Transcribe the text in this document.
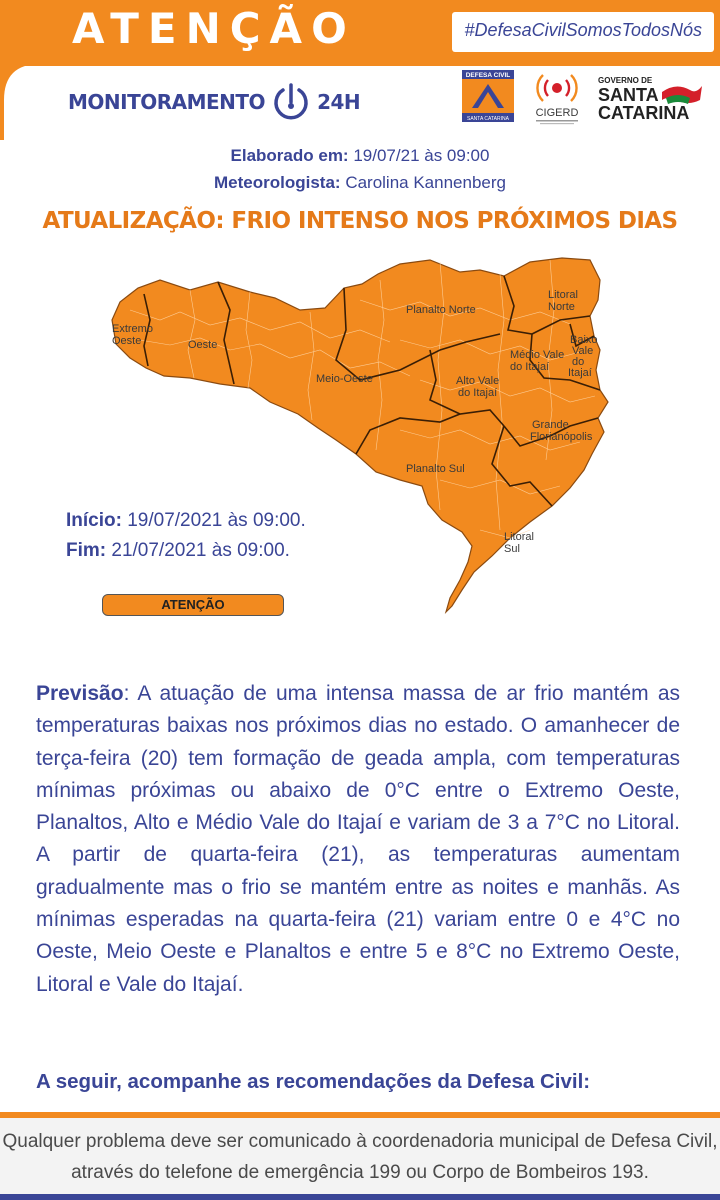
ATENÇÃO	#DefesaCivilSomosTodosNós
MONITORAMENTO	24H
DEFESA CIVIL
SANTA CATARINA CIGERD
GOVERNO DE
SANTA
CATARINA
Elaborado em: 19/07/21 às 09:00
Meteorologista: Carolina Kannenberg
ATUALIZAÇÃO: FRIO INTENSO NOS PRÓXIMOS DIAS
Extremo Oeste	Oeste
Meio-Oeste
Planalto Norte
Litoral Norte
Médio Vale do Itajaí
Baixo Vale do Itajaí
Alto Vale do Itajaí
Grande Florianópolis
Planalto Sul
Litoral Sul
Início: 19/07/2021 às 09:00.
Fim: 21/07/2021 às 09:00.
ATENÇÃO
Previsão: A atuação de uma intensa massa de ar frio mantém as temperaturas baixas nos próximos dias no estado. O amanhecer de terça-feira (20) tem formação de geada ampla, com temperaturas mínimas próximas ou abaixo de 0°C entre o Extremo Oeste, Planaltos, Alto e Médio Vale do Itajaí e variam de 3 a 7°C no Litoral. A partir de quarta-feira (21), as temperaturas aumentam gradualmente mas o frio se mantém entre as noites e manhãs. As mínimas esperadas na quarta-feira (21) variam entre 0 e 4°C no Oeste, Meio Oeste e Planaltos e entre 5 e 8°C no Extremo Oeste, Litoral e Vale do Itajaí.
A seguir, acompanhe as recomendações da Defesa Civil:
Qualquer problema deve ser comunicado à coordenadoria municipal de Defesa Civil,
através do telefone de emergência 199 ou Corpo de Bombeiros 193.
